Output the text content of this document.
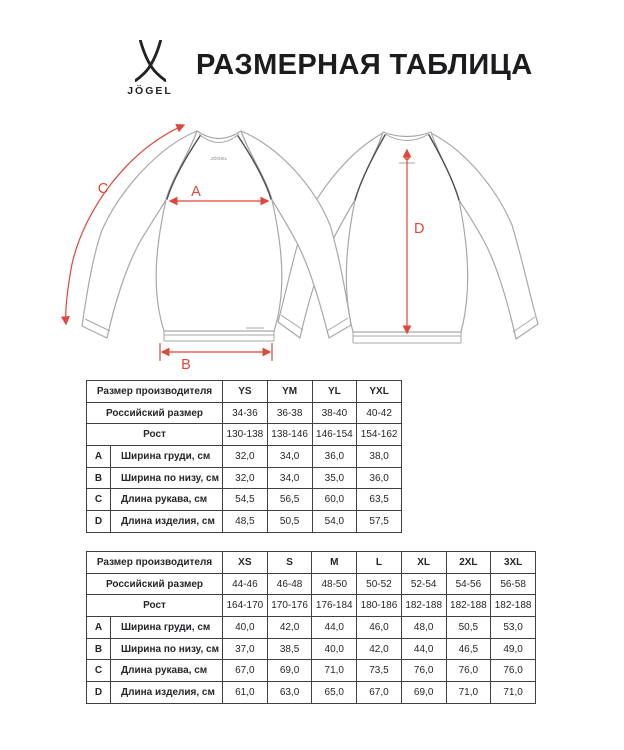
JÖGEL
РАЗМЕРНАЯ ТАБЛИЦА
JÖGEL
A
B
C
D
Размер производителя		YS	YM	YL	YXL
Российский размер		34-36	36-38	38-40	40-42
Рост		130-138	138-146	146-154	154-162
A	Ширина груди, см	32,0	34,0	36,0	38,0
B	Ширина по низу, см	32,0	34,0	35,0	36,0
C	Длина рукава, см	54,5	56,5	60,0	63,5
D	Длина изделия, см	48,5	50,5	54,0	57,5
Размер производителя		XS	S	M	L	XL	2XL	3XL
Российский размер		44-46	46-48	48-50	50-52	52-54	54-56	56-58
Рост		164-170	170-176	176-184	180-186	182-188	182-188	182-188
A	Ширина груди, см	40,0	42,0	44,0	46,0	48,0	50,5	53,0
B	Ширина по низу, см	37,0	38,5	40,0	42,0	44,0	46,5	49,0
C	Длина рукава, см	67,0	69,0	71,0	73,5	76,0	76,0	76,0
D	Длина изделия, см	61,0	63,0	65,0	67,0	69,0	71,0	71,0
